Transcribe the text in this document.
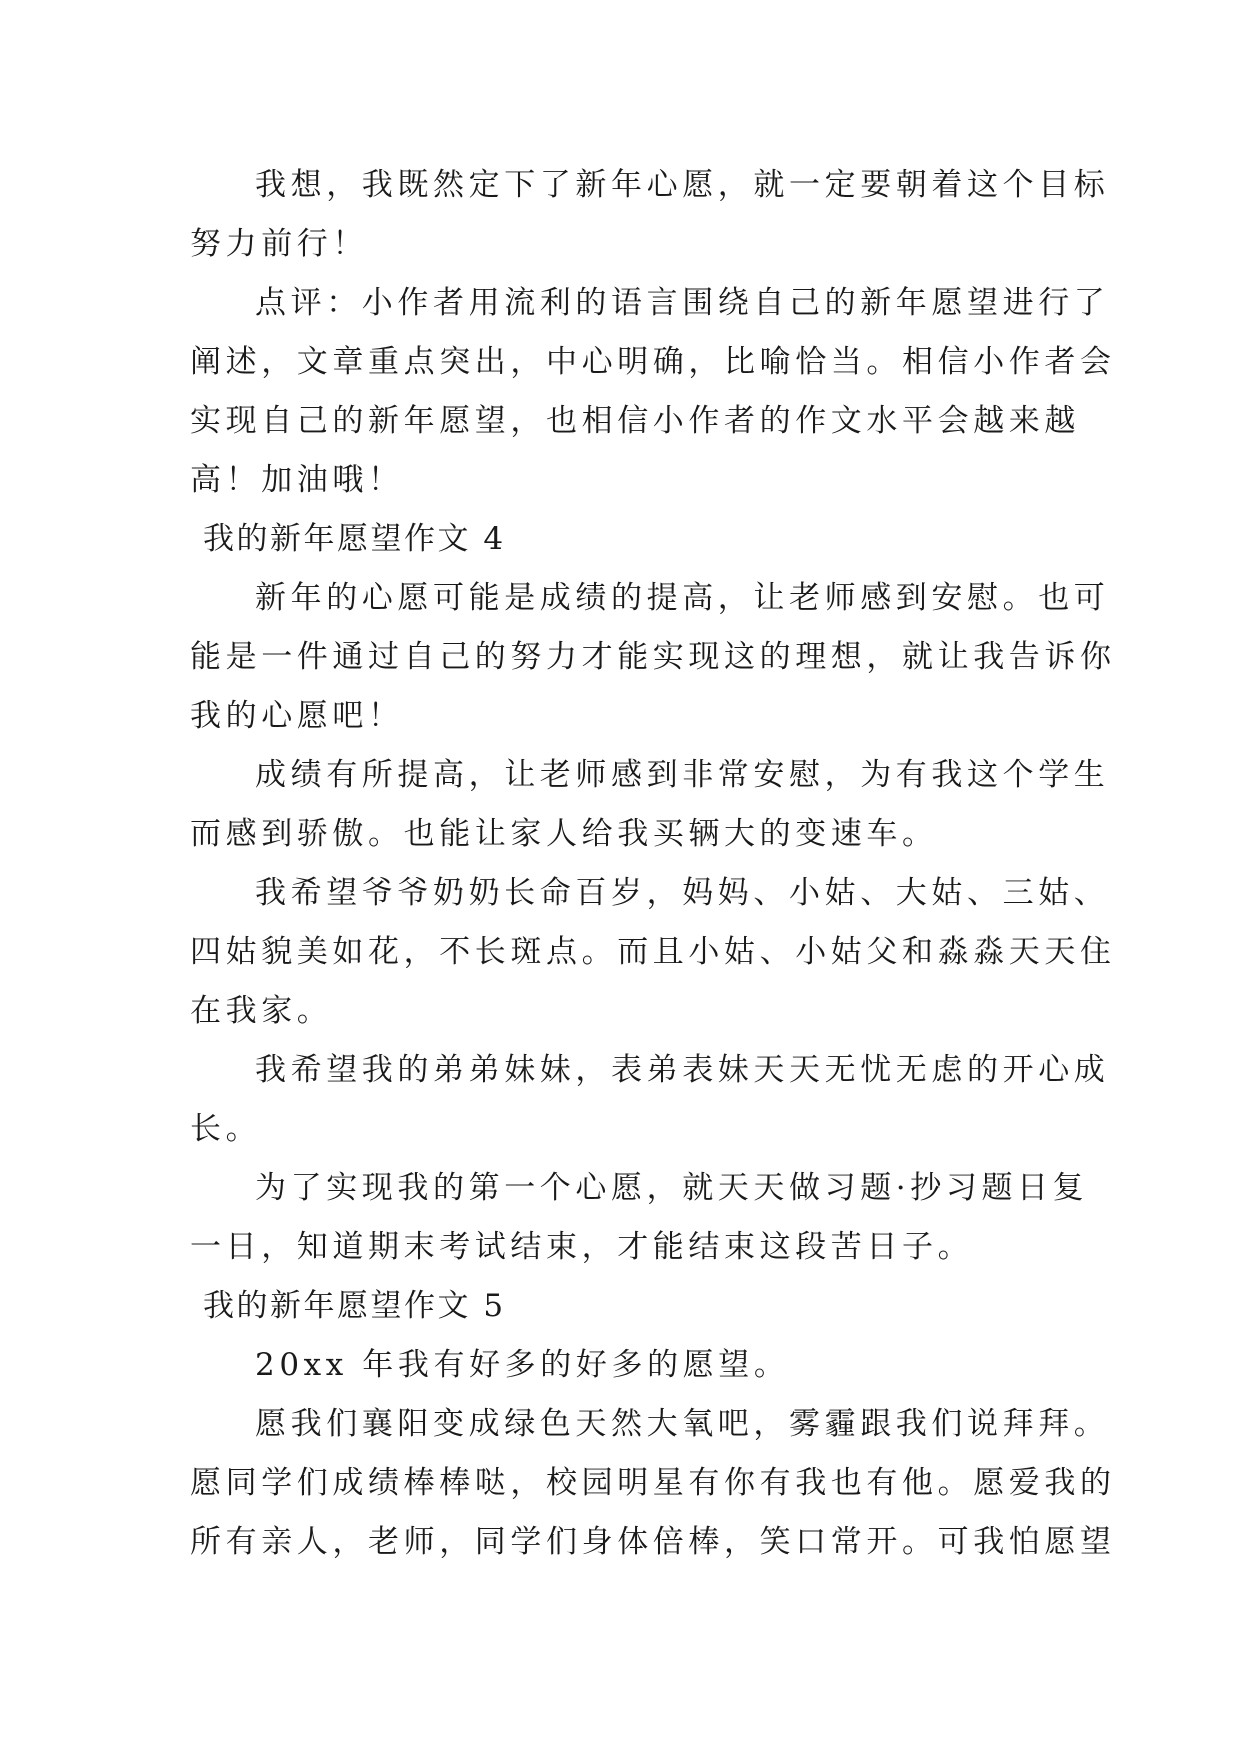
我想，我既然定下了新年心愿，就一定要朝着这个目标
努力前行！
点评：小作者用流利的语言围绕自己的新年愿望进行了
阐述，文章重点突出，中心明确，比喻恰当。相信小作者会
实现自己的新年愿望，也相信小作者的作文水平会越来越
高！加油哦！
我的新年愿望作文 4
新年的心愿可能是成绩的提高，让老师感到安慰。也可
能是一件通过自己的努力才能实现这的理想，就让我告诉你
我的心愿吧！
成绩有所提高，让老师感到非常安慰，为有我这个学生
而感到骄傲。也能让家人给我买辆大的变速车。
我希望爷爷奶奶长命百岁，妈妈、小姑、大姑、三姑、
四姑貌美如花，不长斑点。而且小姑、小姑父和淼淼天天住
在我家。
我希望我的弟弟妹妹，表弟表妹天天无忧无虑的开心成
长。
为了实现我的第一个心愿，就天天做习题·抄习题日复
一日，知道期末考试结束，才能结束这段苦日子。
我的新年愿望作文 5
20xx 年我有好多的好多的愿望。
愿我们襄阳变成绿色天然大氧吧，雾霾跟我们说拜拜。
愿同学们成绩棒棒哒，校园明星有你有我也有他。愿爱我的
所有亲人，老师，同学们身体倍棒，笑口常开。可我怕愿望
